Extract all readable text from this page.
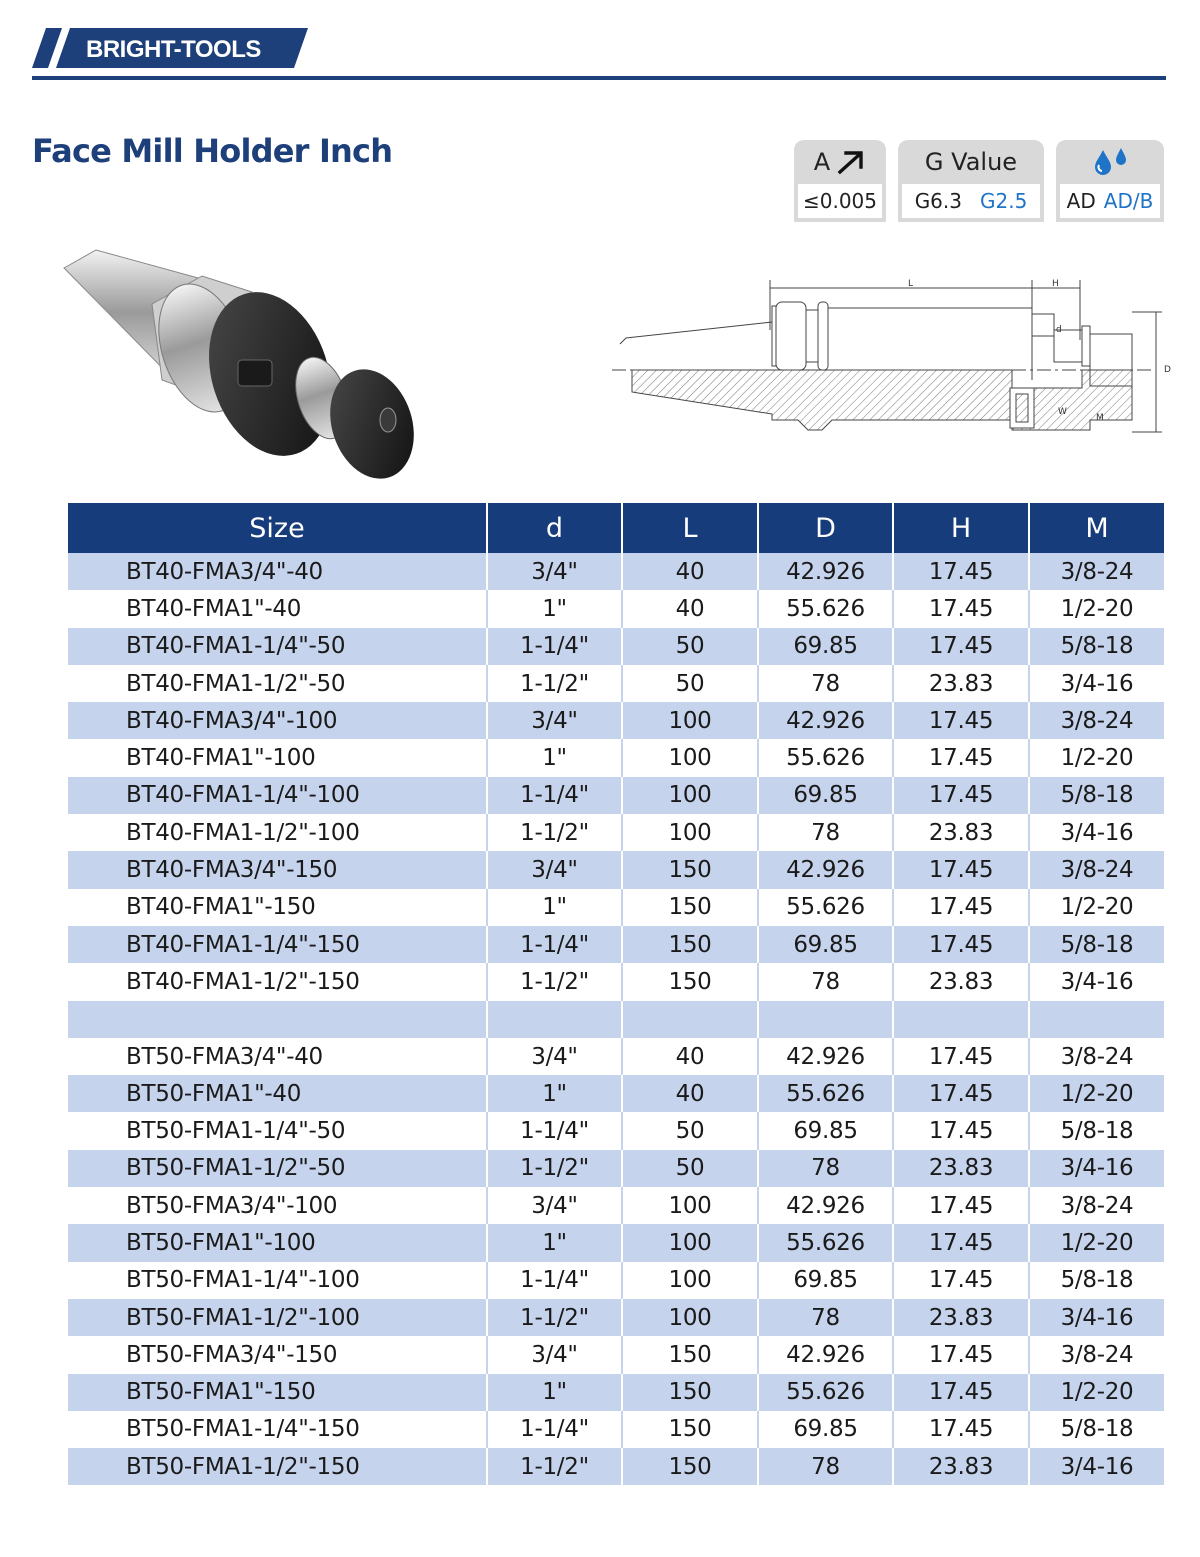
BRIGHT-TOOLS
Face Mill Holder Inch	A
≤0.005
G Value
G6.3 G2.5 AD AD/B
L	H
d
D
W
M
Size	d	L	D	H	M
BT40-FMA3/4"-40	3/4"	40	42.926	17.45	3/8-24
BT40-FMA1"-40	1"	40	55.626	17.45	1/2-20
BT40-FMA1-1/4"-50	1-1/4"	50	69.85	17.45	5/8-18
BT40-FMA1-1/2"-50	1-1/2"	50	78	23.83	3/4-16
BT40-FMA3/4"-100	3/4"	100	42.926	17.45	3/8-24
BT40-FMA1"-100	1"	100	55.626	17.45	1/2-20
BT40-FMA1-1/4"-100	1-1/4"	100	69.85	17.45	5/8-18
BT40-FMA1-1/2"-100	1-1/2"	100	78	23.83	3/4-16
BT40-FMA3/4"-150	3/4"	150	42.926	17.45	3/8-24
BT40-FMA1"-150	1"	150	55.626	17.45	1/2-20
BT40-FMA1-1/4"-150	1-1/4"	150	69.85	17.45	5/8-18
BT40-FMA1-1/2"-150	1-1/2"	150	78	23.83	3/4-16
BT50-FMA3/4"-40	3/4"	40	42.926	17.45	3/8-24
BT50-FMA1"-40	1"	40	55.626	17.45	1/2-20
BT50-FMA1-1/4"-50	1-1/4"	50	69.85	17.45	5/8-18
BT50-FMA1-1/2"-50	1-1/2"	50	78	23.83	3/4-16
BT50-FMA3/4"-100	3/4"	100	42.926	17.45	3/8-24
BT50-FMA1"-100	1"	100	55.626	17.45	1/2-20
BT50-FMA1-1/4"-100	1-1/4"	100	69.85	17.45	5/8-18
BT50-FMA1-1/2"-100	1-1/2"	100	78	23.83	3/4-16
BT50-FMA3/4"-150	3/4"	150	42.926	17.45	3/8-24
BT50-FMA1"-150	1"	150	55.626	17.45	1/2-20
BT50-FMA1-1/4"-150	1-1/4"	150	69.85	17.45	5/8-18
BT50-FMA1-1/2"-150	1-1/2"	150	78	23.83	3/4-16
